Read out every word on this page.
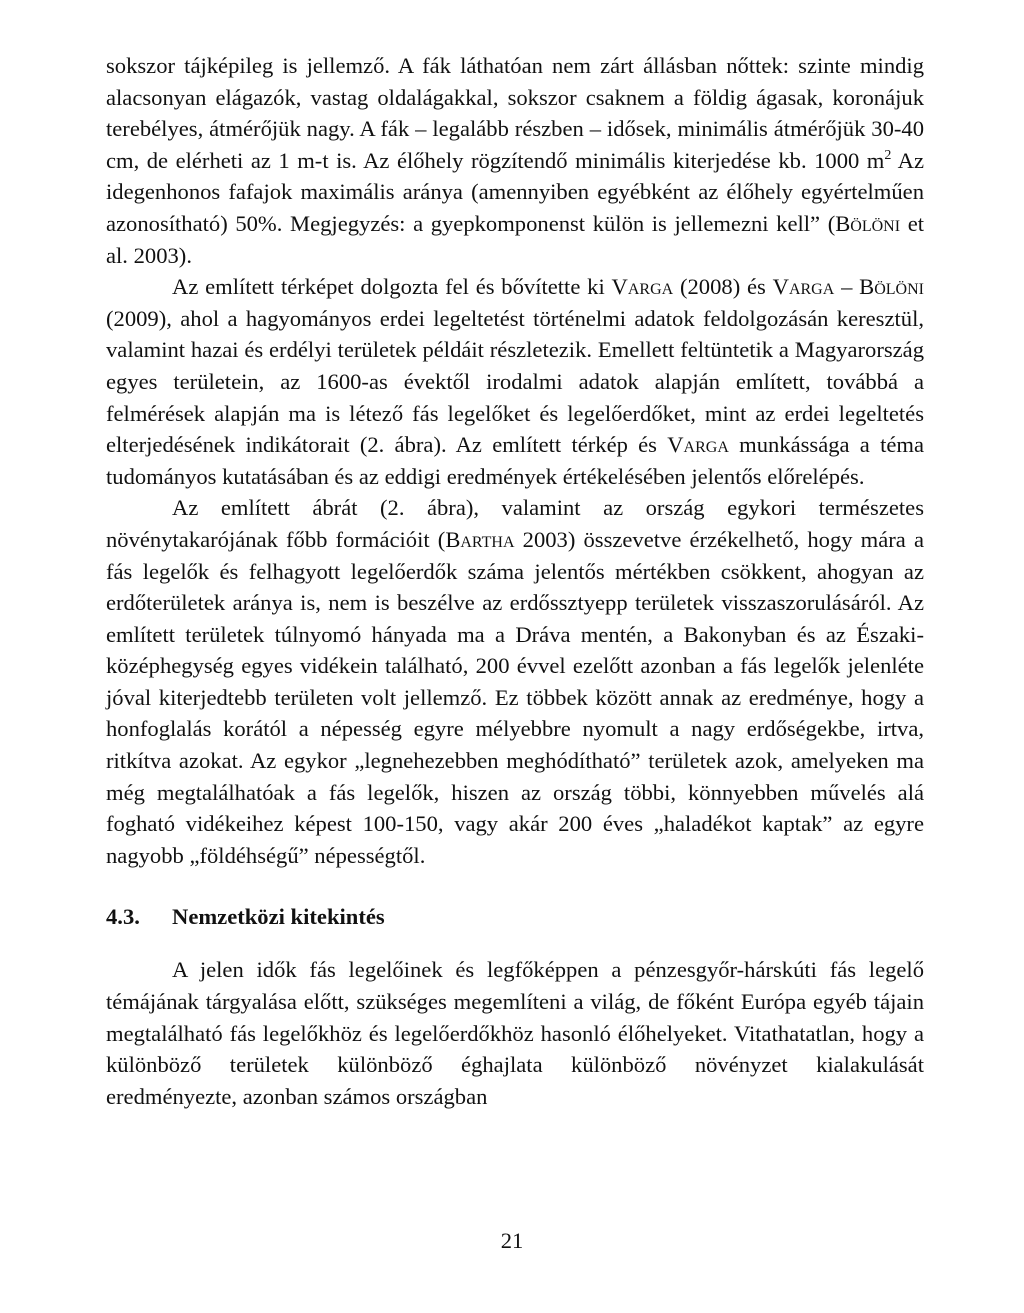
sokszor tájképileg is jellemző. A fák láthatóan nem zárt állásban nőttek: szinte mindig alacsonyan elágazók, vastag oldalágakkal, sokszor csaknem a földig ágasak, koronájuk terebélyes, átmérőjük nagy. A fák – legalább részben – idősek, minimális átmérőjük 30-40 cm, de elérheti az 1 m-t is. Az élőhely rögzítendő minimális kiterjedése kb. 1000 $m^2$ Az idegenhonos fafajok maximális aránya (amennyiben egyébként az élőhely egyértelműen azonosítható) 50%. Megjegyzés: a gyepkomponenst külön is jellemezni kell” (Bölöni et al. 2003).

Az említett térképet dolgozta fel és bővítette ki Varga (2008) és Varga – Bölöni (2009), ahol a hagyományos erdei legeltetést történelmi adatok feldolgozásán keresztül, valamint hazai és erdélyi területek példáit részletezik. Emellett feltüntetik a Magyarország egyes területein, az 1600-as évektől irodalmi adatok alapján említett, továbbá a felmérések alapján ma is létező fás legelőket és legelőerdőket, mint az erdei legeltetés elterjedésének indikátorait (2. ábra). Az említett térkép és Varga munkássága a téma tudományos kutatásában és az eddigi eredmények értékelésében jelentős előrelépés.

Az említett ábrát (2. ábra), valamint az ország egykori természetes növénytakarójának főbb formációit (Bartha 2003) összevetve érzékelhető, hogy mára a fás legelők és felhagyott legelőerdők száma jelentős mértékben csökkent, ahogyan az erdőterületek aránya is, nem is beszélve az erdőssztyepp területek visszaszorulásáról. Az említett területek túlnyomó hányada ma a Dráva mentén, a Bakonyban és az Északi-középhegység egyes vidékein található, 200 évvel ezelőtt azonban a fás legelők jelenléte jóval kiterjedtebb területen volt jellemző. Ez többek között annak az eredménye, hogy a honfoglalás korától a népesség egyre mélyebbre nyomult a nagy erdőségekbe, irtva, ritkítva azokat. Az egykor „legnehezebben meghódítható” területek azok, amelyeken ma még megtalálhatóak a fás legelők, hiszen az ország többi, könnyebben művelés alá fogható vidékeihez képest 100-150, vagy akár 200 éves „haladékot kaptak” az egyre nagyobb „földéhségű” népességtől.

4.3.	Nemzetközi kitekintés

A jelen idők fás legelőinek és legfőképpen a pénzesgyőr-hárskúti fás legelő témájának tárgyalása előtt, szükséges megemlíteni a világ, de főként Európa egyéb tájain megtalálható fás legelőkhöz és legelőerdőkhöz hasonló élőhelyeket. Vitathatatlan, hogy a különböző területek különböző éghajlata különböző növényzet kialakulását eredményezte, azonban számos országban

21
